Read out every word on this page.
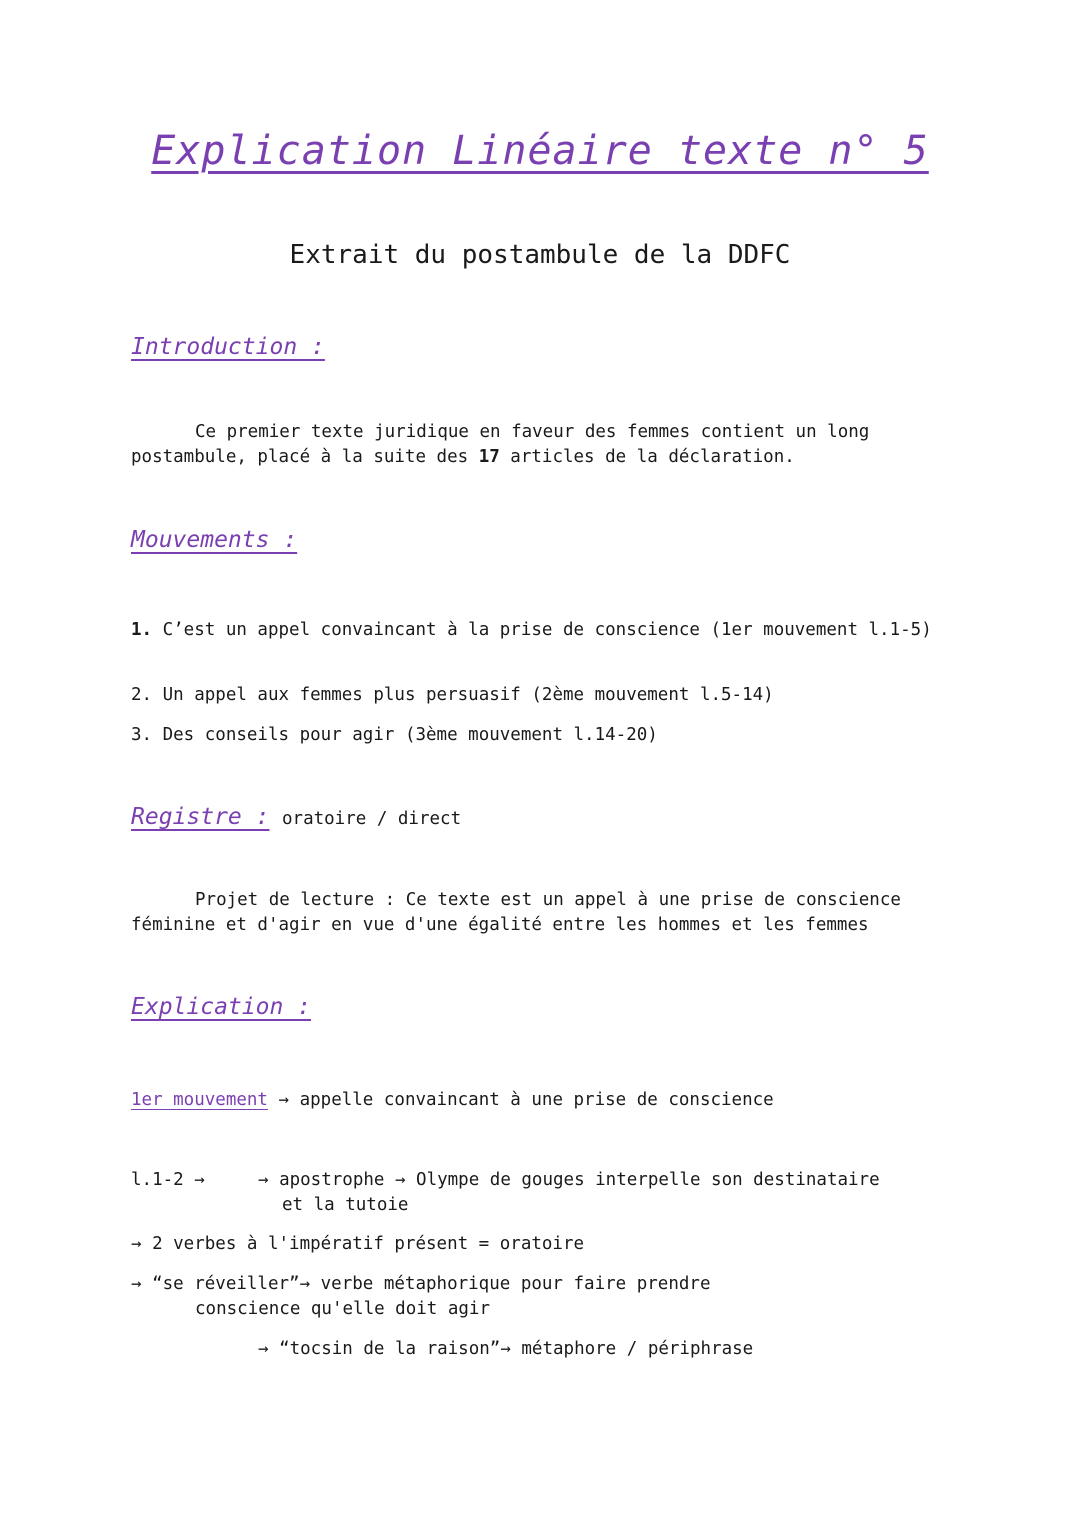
Explication Linéaire texte n° 5
Extrait du postambule de la DDFC
Introduction :
Ce premier texte juridique en faveur des femmes contient un long postambule, placé à la suite des 17 articles de la déclaration.
Mouvements :
1. C’est un appel convaincant à la prise de conscience (1er mouvement l.1-5)
2. Un appel aux femmes plus persuasif (2ème mouvement l.5-14)
3. Des conseils pour agir (3ème mouvement l.14-20)
Registre : oratoire / direct
Projet de lecture : Ce texte est un appel à une prise de conscience féminine et d'agir en vue d'une égalité entre les hommes et les femmes
Explication :
1er mouvement → appelle convaincant à une prise de conscience
l.1-2 →	→ apostrophe → Olympe de gouges interpelle son destinataire
et la tutoie
→ 2 verbes à l'impératif présent = oratoire
→ “se réveiller”→ verbe métaphorique pour faire prendre
conscience qu'elle doit agir
→ “tocsin de la raison”→ métaphore / périphrase
